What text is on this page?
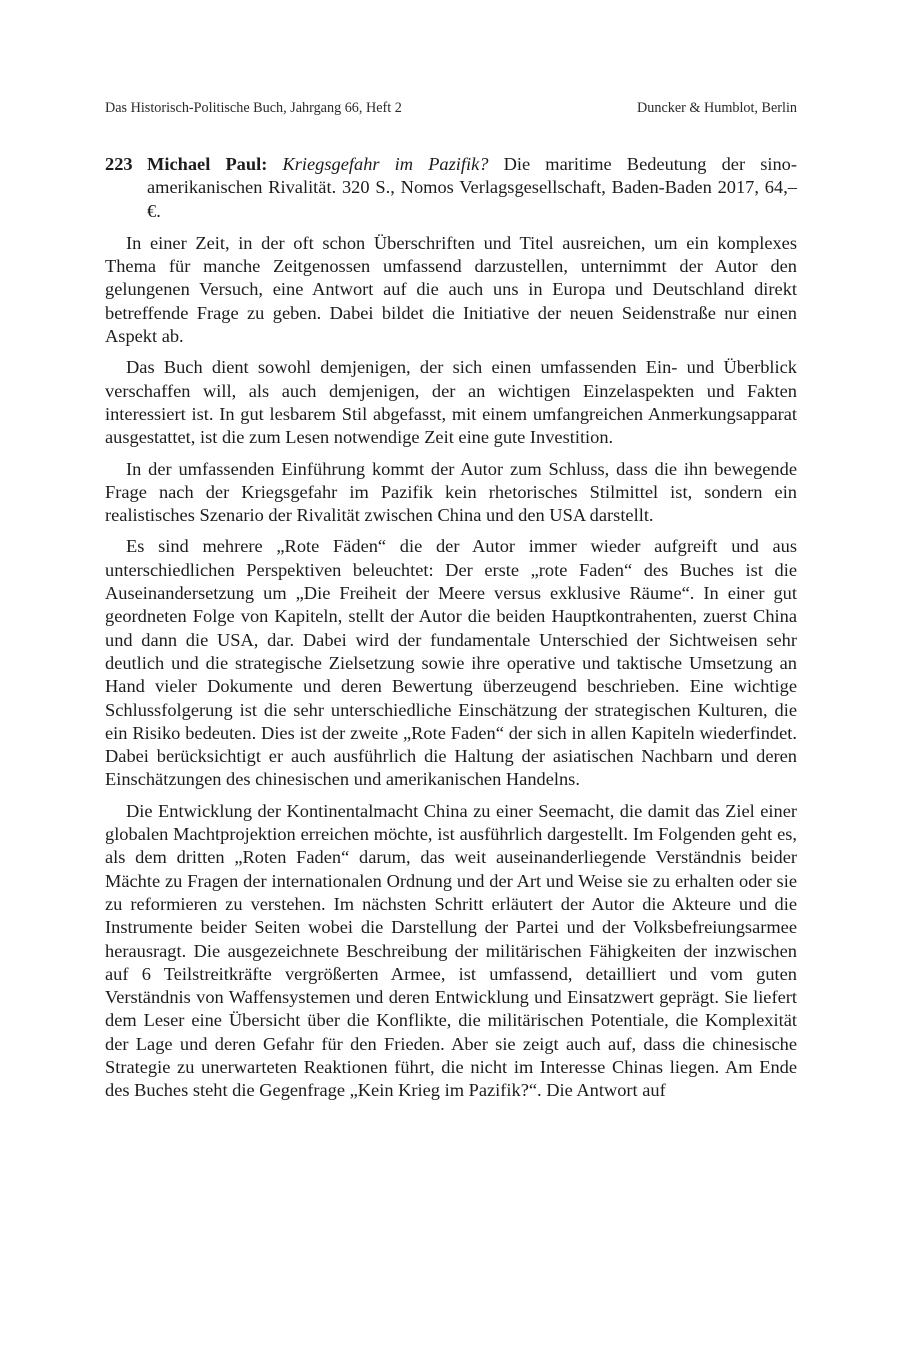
Das Historisch-Politische Buch, Jahrgang 66, Heft 2	Duncker & Humblot, Berlin
223 Michael Paul: Kriegsgefahr im Pazifik? Die maritime Bedeutung der sino-amerikanischen Rivalität. 320 S., Nomos Verlagsgesellschaft, Baden-Baden 2017, 64,– €.

In einer Zeit, in der oft schon Überschriften und Titel ausreichen, um ein komplexes Thema für manche Zeitgenossen umfassend darzustellen, unternimmt der Autor den gelungenen Versuch, eine Antwort auf die auch uns in Europa und Deutschland direkt betreffende Frage zu geben. Dabei bildet die Initiative der neuen Seidenstraße nur einen Aspekt ab.

Das Buch dient sowohl demjenigen, der sich einen umfassenden Ein- und Überblick verschaffen will, als auch demjenigen, der an wichtigen Einzelaspekten und Fakten interessiert ist. In gut lesbarem Stil abgefasst, mit einem umfangreichen Anmerkungsapparat ausgestattet, ist die zum Lesen notwendige Zeit eine gute Investition.

In der umfassenden Einführung kommt der Autor zum Schluss, dass die ihn bewegende Frage nach der Kriegsgefahr im Pazifik kein rhetorisches Stilmittel ist, sondern ein realistisches Szenario der Rivalität zwischen China und den USA darstellt.

Es sind mehrere „Rote Fäden“ die der Autor immer wieder aufgreift und aus unterschiedlichen Perspektiven beleuchtet: Der erste „rote Faden“ des Buches ist die Auseinandersetzung um „Die Freiheit der Meere versus exklusive Räume“. In einer gut geordneten Folge von Kapiteln, stellt der Autor die beiden Hauptkontrahenten, zuerst China und dann die USA, dar. Dabei wird der fundamentale Unterschied der Sichtweisen sehr deutlich und die strategische Zielsetzung sowie ihre operative und taktische Umsetzung an Hand vieler Dokumente und deren Bewertung überzeugend beschrieben. Eine wichtige Schlussfolgerung ist die sehr unterschiedliche Einschätzung der strategischen Kulturen, die ein Risiko bedeuten. Dies ist der zweite „Rote Faden“ der sich in allen Kapiteln wiederfindet. Dabei berücksichtigt er auch ausführlich die Haltung der asiatischen Nachbarn und deren Einschätzungen des chinesischen und amerikanischen Handelns.

Die Entwicklung der Kontinentalmacht China zu einer Seemacht, die damit das Ziel einer globalen Machtprojektion erreichen möchte, ist ausführlich dargestellt. Im Folgenden geht es, als dem dritten „Roten Faden“ darum, das weit auseinanderliegende Verständnis beider Mächte zu Fragen der internationalen Ordnung und der Art und Weise sie zu erhalten oder sie zu reformieren zu verstehen. Im nächsten Schritt erläutert der Autor die Akteure und die Instrumente beider Seiten wobei die Darstellung der Partei und der Volksbefreiungsarmee herausragt. Die ausgezeichnete Beschreibung der militärischen Fähigkeiten der inzwischen auf 6 Teilstreitkräfte vergrößerten Armee, ist umfassend, detailliert und vom guten Verständnis von Waffensystemen und deren Entwicklung und Einsatzwert geprägt. Sie liefert dem Leser eine Übersicht über die Konflikte, die militärischen Potentiale, die Komplexität der Lage und deren Gefahr für den Frieden. Aber sie zeigt auch auf, dass die chinesische Strategie zu unerwarteten Reaktionen führt, die nicht im Interesse Chinas liegen. Am Ende des Buches steht die Gegenfrage „Kein Krieg im Pazifik?“. Die Antwort auf
